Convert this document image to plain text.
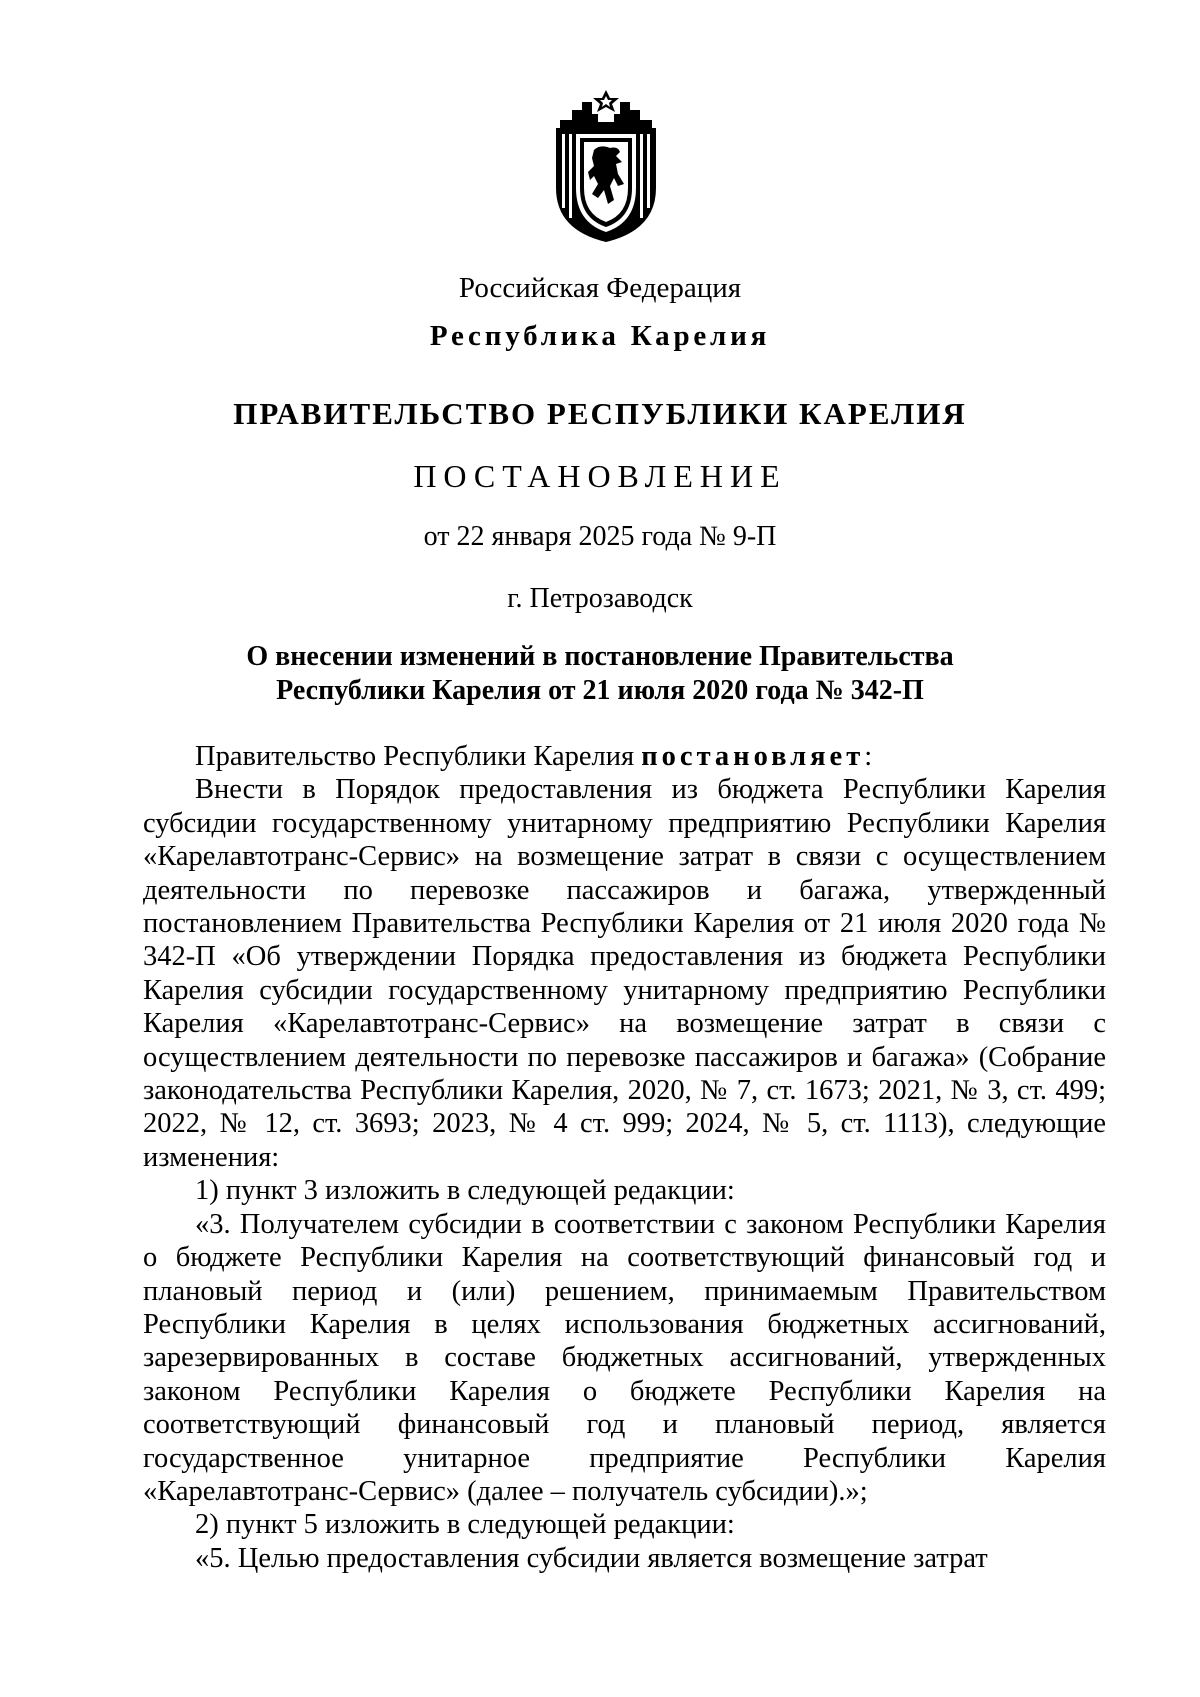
Российская Федерация
Республика Карелия
ПРАВИТЕЛЬСТВО РЕСПУБЛИКИ КАРЕЛИЯ
ПОСТАНОВЛЕНИЕ
от 22 января 2025 года № 9-П
г. Петрозаводск
О внесении изменений в постановление Правительства
Республики Карелия от 21 июля 2020 года № 342-П

Правительство Республики Карелия постановляет:

Внести в Порядок предоставления из бюджета Республики Карелия субсидии государственному унитарному предприятию Республики Карелия «Карелавтотранс-Сервис» на возмещение затрат в связи с осуществлением деятельности по перевозке пассажиров и багажа, утвержденный постановлением Правительства Республики Карелия от 21 июля 2020 года № 342-П «Об утверждении Порядка предоставления из бюджета Республики Карелия субсидии государственному унитарному предприятию Республики Карелия «Карелавтотранс-Сервис» на возмещение затрат в связи с осуществлением деятельности по перевозке пассажиров и багажа» (Собрание законодательства Республики Карелия, 2020, № 7, ст. 1673; 2021, № 3, ст. 499; 2022, № 12, ст. 3693; 2023, № 4 ст. 999; 2024, № 5, ст. 1113), следующие изменения:

1) пункт 3 изложить в следующей редакции:

«3. Получателем субсидии в соответствии с законом Республики Карелия о бюджете Республики Карелия на соответствующий финансовый год и плановый период и (или) решением, принимаемым Правительством Республики Карелия в целях использования бюджетных ассигнований, зарезервированных в составе бюджетных ассигнований, утвержденных законом Республики Карелия о бюджете Республики Карелия на соответствующий финансовый год и плановый период, является государственное унитарное предприятие Республики Карелия «Карелавтотранс-Сервис» (далее – получатель субсидии).»;

2) пункт 5 изложить в следующей редакции:

«5. Целью предоставления субсидии является возмещение затрат
